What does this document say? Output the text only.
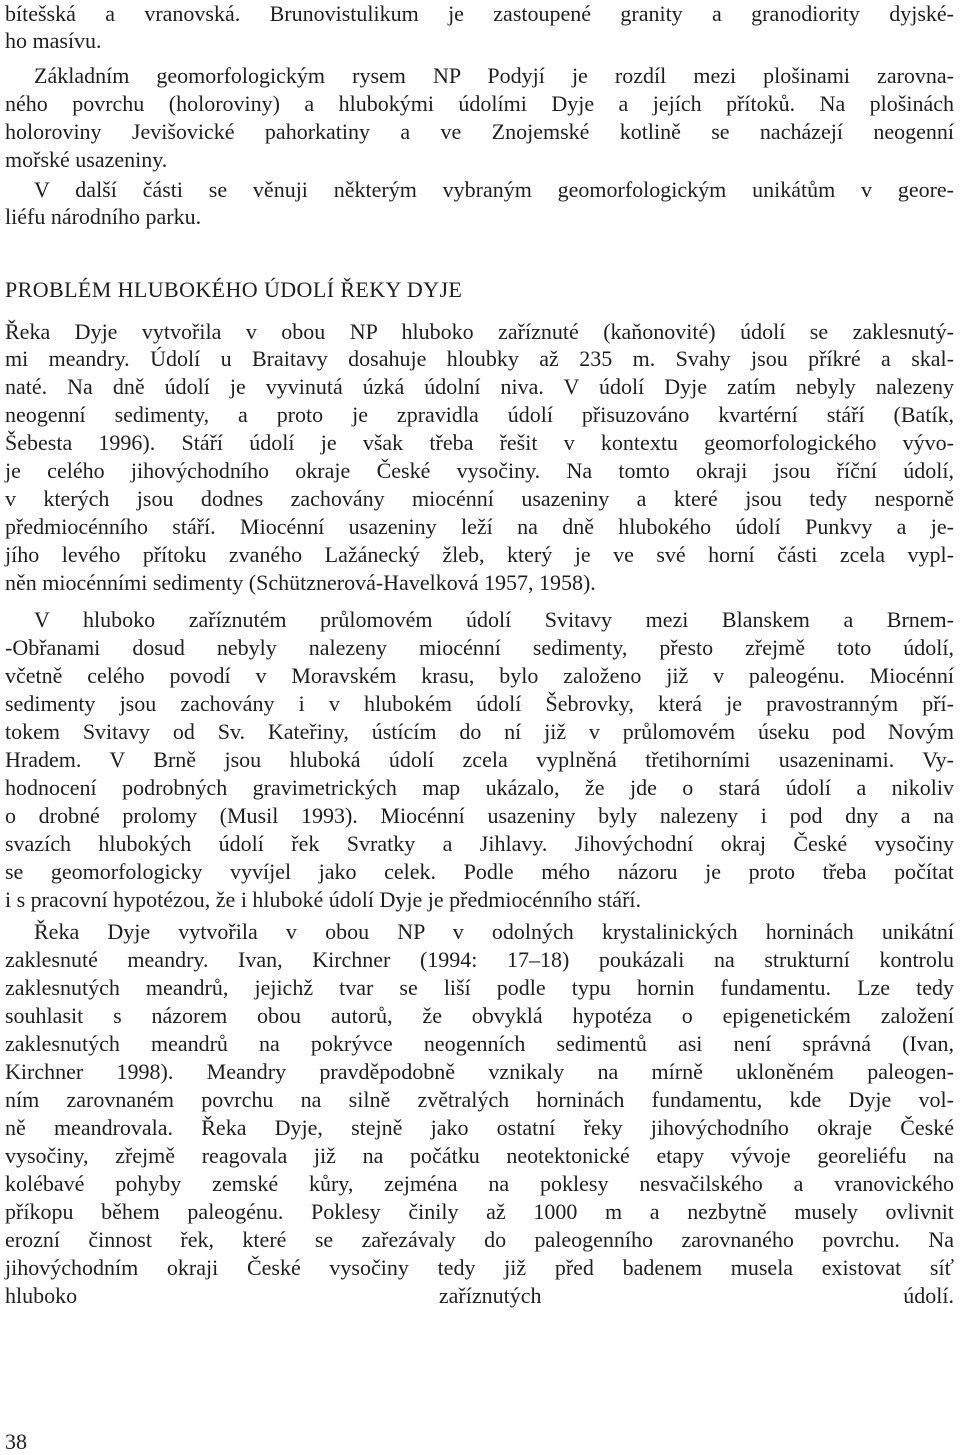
bítešská a vranovská. Brunovistulikum je zastoupené granity a granodiority dyjské-
ho masívu.
Základním geomorfologickým rysem NP Podyjí je rozdíl mezi plošinami zarovna-
ného povrchu (holoroviny) a hlubokými údolími Dyje a jejích přítoků. Na plošinách
holoroviny Jevišovické pahorkatiny a ve Znojemské kotlině se nacházejí neogenní
mořské usazeniny.
V další části se věnuji některým vybraným geomorfologickým unikátům v geore-
liéfu národního parku.
PROBLÉM HLUBOKÉHO ÚDOLÍ ŘEKY DYJE
Řeka Dyje vytvořila v obou NP hluboko zaříznuté (kaňonovité) údolí se zaklesnutý-
mi meandry. Údolí u Braitavy dosahuje hloubky až 235 m. Svahy jsou příkré a skal-
naté. Na dně údolí je vyvinutá úzká údolní niva. V údolí Dyje zatím nebyly nalezeny
neogenní sedimenty, a proto je zpravidla údolí přisuzováno kvartérní stáří (Batík,
Šebesta 1996). Stáří údolí je však třeba řešit v kontextu geomorfologického vývo-
je celého jihovýchodního okraje České vysočiny. Na tomto okraji jsou říční údolí,
v kterých jsou dodnes zachovány miocénní usazeniny a které jsou tedy nesporně
předmiocénního stáří. Miocénní usazeniny leží na dně hlubokého údolí Punkvy a je-
jího levého přítoku zvaného Lažánecký žleb, který je ve své horní části zcela vypl-
něn miocénními sedimenty (Schütznerová-Havelková 1957, 1958).
V hluboko zaříznutém průlomovém údolí Svitavy mezi Blanskem a Brnem-
-Obřanami dosud nebyly nalezeny miocénní sedimenty, přesto zřejmě toto údolí,
včetně celého povodí v Moravském krasu, bylo založeno již v paleogénu. Miocénní
sedimenty jsou zachovány i v hlubokém údolí Šebrovky, která je pravostranným pří-
tokem Svitavy od Sv. Kateřiny, ústícím do ní již v průlomovém úseku pod Novým
Hradem. V Brně jsou hluboká údolí zcela vyplněná třetihorními usazeninami. Vy-
hodnocení podrobných gravimetrických map ukázalo, že jde o stará údolí a nikoliv
o drobné prolomy (Musil 1993). Miocénní usazeniny byly nalezeny i pod dny a na
svazích hlubokých údolí řek Svratky a Jihlavy. Jihovýchodní okraj České vysočiny
se geomorfologicky vyvíjel jako celek. Podle mého názoru je proto třeba počítat
i s pracovní hypotézou, že i hluboké údolí Dyje je předmiocénního stáří.
Řeka Dyje vytvořila v obou NP v odolných krystalinických horninách unikátní
zaklesnuté meandry. Ivan, Kirchner (1994: 17–18) poukázali na strukturní kontrolu
zaklesnutých meandrů, jejichž tvar se liší podle typu hornin fundamentu. Lze tedy
souhlasit s názorem obou autorů, že obvyklá hypotéza o epigenetickém založení
zaklesnutých meandrů na pokrývce neogenních sedimentů asi není správná (Ivan,
Kirchner 1998). Meandry pravděpodobně vznikaly na mírně ukloněném paleogen-
ním zarovnaném povrchu na silně zvětralých horninách fundamentu, kde Dyje vol-
ně meandrovala. Řeka Dyje, stejně jako ostatní řeky jihovýchodního okraje České
vysočiny, zřejmě reagovala již na počátku neotektonické etapy vývoje georeliéfu na
kolébavé pohyby zemské kůry, zejména na poklesy nesvačilského a vranovického
příkopu během paleogénu. Poklesy činily až 1000 m a nezbytně musely ovlivnit
erozní činnost řek, které se zařezávaly do paleogenního zarovnaného povrchu. Na
jihovýchodním okraji České vysočiny tedy již před badenem musela existovat síť
hluboko zaříznutých údolí.
38
